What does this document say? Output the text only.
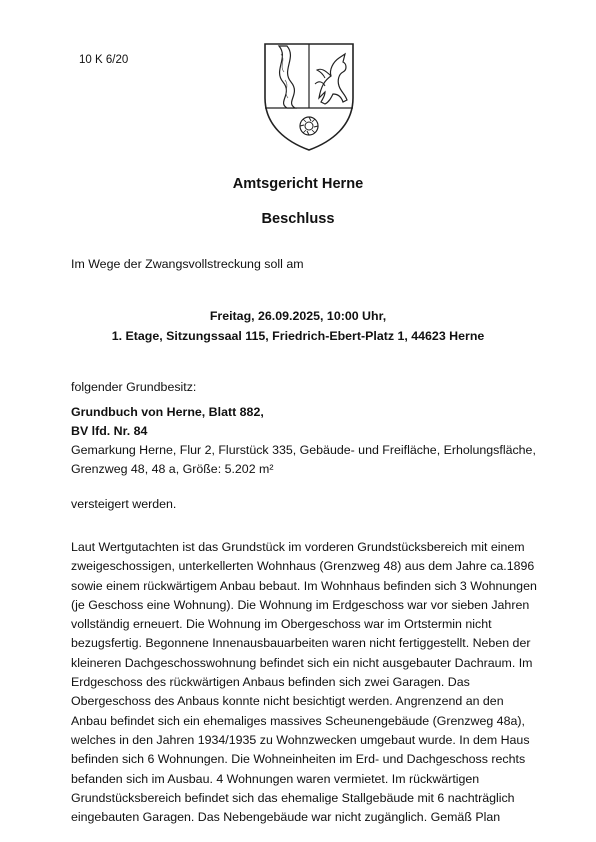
10 K 6/20
Amtsgericht Herne
Beschluss
Im Wege der Zwangsvollstreckung soll am
Freitag, 26.09.2025, 10:00 Uhr,
1. Etage, Sitzungssaal 115, Friedrich-Ebert-Platz 1, 44623 Herne
folgender Grundbesitz:
Grundbuch von Herne, Blatt 882,
BV lfd. Nr. 84
Gemarkung Herne, Flur 2, Flurstück 335, Gebäude- und Freifläche, Erholungsfläche,
Grenzweg 48, 48 a, Größe: 5.202 m²
versteigert werden.
Laut Wertgutachten ist das Grundstück im vorderen Grundstücksbereich mit einem
zweigeschossigen, unterkellerten Wohnhaus (Grenzweg 48) aus dem Jahre ca.1896
sowie einem rückwärtigem Anbau bebaut. Im Wohnhaus befinden sich 3 Wohnungen
(je Geschoss eine Wohnung). Die Wohnung im Erdgeschoss war vor sieben Jahren
vollständig erneuert. Die Wohnung im Obergeschoss war im Ortstermin nicht
bezugsfertig. Begonnene Innenausbauarbeiten waren nicht fertiggestellt. Neben der
kleineren Dachgeschosswohnung befindet sich ein nicht ausgebauter Dachraum. Im
Erdgeschoss des rückwärtigen Anbaus befinden sich zwei Garagen. Das
Obergeschoss des Anbaus konnte nicht besichtigt werden. Angrenzend an den
Anbau befindet sich ein ehemaliges massives Scheunengebäude (Grenzweg 48a),
welches in den Jahren 1934/1935 zu Wohnzwecken umgebaut wurde. In dem Haus
befinden sich 6 Wohnungen. Die Wohneinheiten im Erd- und Dachgeschoss rechts
befanden sich im Ausbau. 4 Wohnungen waren vermietet. Im rückwärtigen
Grundstücksbereich befindet sich das ehemalige Stallgebäude mit 6 nachträglich
eingebauten Garagen. Das Nebengebäude war nicht zugänglich. Gemäß Plan
